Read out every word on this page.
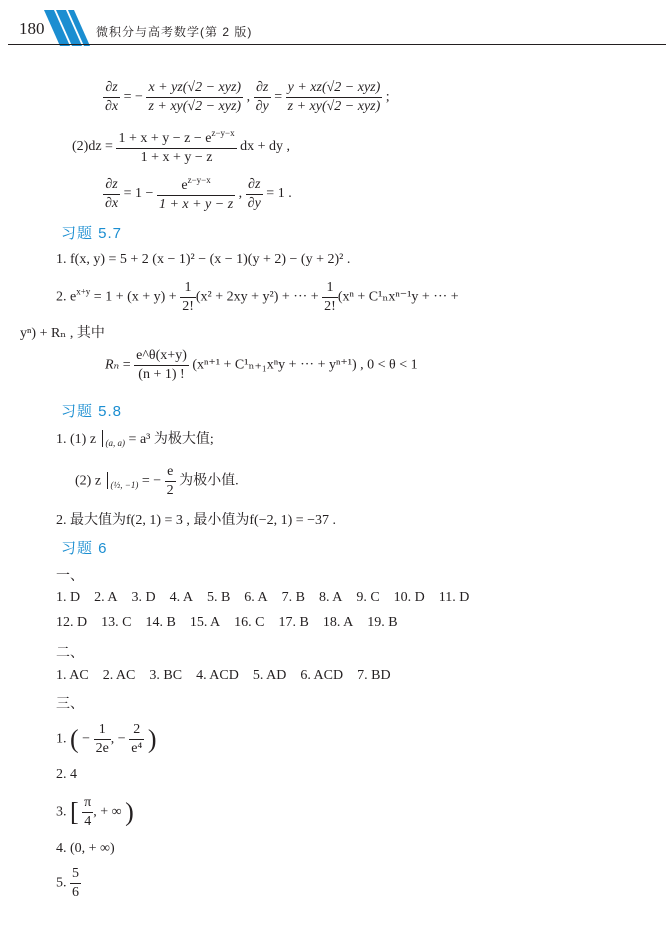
180	微积分与高考数学(第 2 版)
$\frac{\partial z}{\partial x}$ = − $\frac{\text{x + yz(√2 − xyz)}}{\text{z + xy(√2 − xyz)}}$ , $\frac{\partial z}{\partial y} = \frac{\text{y + xz(√2 − xyz)}}{\text{z + xy(√2 − xyz)}}$ ;
$(2)dz = \frac{1 + x + y - z - e^{z-y-x}}{1 + x + y - z}$ dx + dy ,
$\frac{\partial z}{\partial x} = 1 - \frac{e^{z-y-x}}{1 + x + y - z}$ , $\frac{\partial z}{\partial y} = 1$ .
习题 5.7
1. f(x, y) = 5 + 2 (x − 1)² − (x − 1)(y + 2) − (y + 2)² .
2. $e^{x+y} = 1 + (x + y) + \frac{1}{2!} (x^2 + 2xy + y^2)$ + ··· + $\frac{1}{2!} (x^n + C^1_nx^{n-1}y$ + ··· +
yⁿ) + Rₙ , 其中
$R_n = \frac{e\^{}\theta(x+y)}{(n + 1) !} (x^{n+1} + C^1_{n+1}x^ny$ + ··· + yⁿ⁺¹) , 0 < θ < 1
习题 5.8
1. (1) z $_{(a, a)}$ = a³ 为极大值;
(2) z $_{(\frac{1}{2}, -1)}$ = − $\frac{e}{2}$ 为极小值.
2. 最大值为f(2, 1) = 3 , 最小值为f(−2, 1) = −37 .
习题 6
一、
1. D 2. A 3. D 4. A 5. B 6. A 7. B 8. A 9. C 10. D 11. D
12. D 13. C 14. B 15. A 16. C 17. B 18. A 19. B
二、
1. AC 2. AC 3. BC 4. ACD 5. AD 6. ACD 7. BD
三、
1. ( − $\frac{1}{2e}$ , − $\frac{2}{\text{e⁴}}$ )
2. 4
3. [ $\frac{\pi}{4}$ , + ∞ )
4. (0, + ∞)
5. $\frac{5}{6}$
